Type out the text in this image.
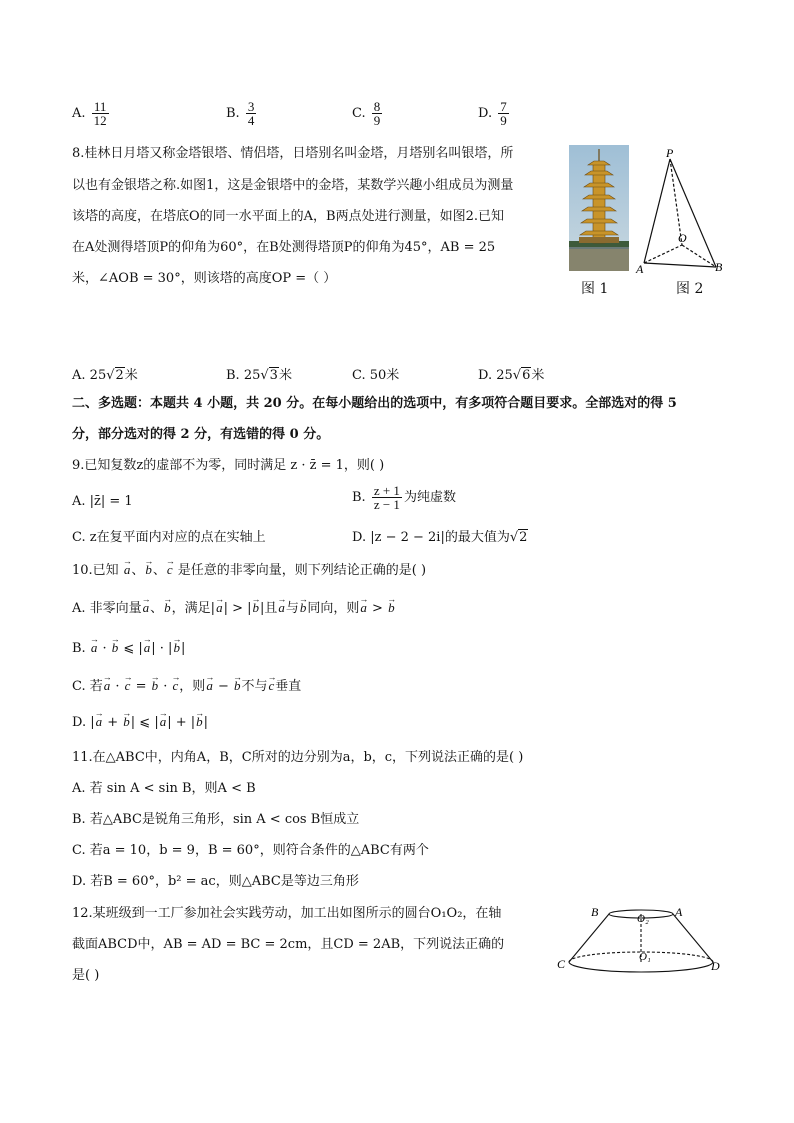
A. $\frac{11}{12}$	B. $\frac{3}{4}$	C. $\frac{8}{9}$	D. $\frac{7}{9}$
8.桂林日月塔又称金塔银塔、情侣塔，日塔别名叫金塔，月塔别名叫银塔，所
以也有金银塔之称.如图1，这是金银塔中的金塔，某数学兴趣小组成员为测量
该塔的高度，在塔底O的同一水平面上的A，B两点处进行测量，如图2.已知
在A处测得塔顶P的仰角为60°，在B处测得塔顶P的仰角为45°，AB = 25
米，∠AOB = 30°，则该塔的高度OP =（ ）
图 1
P
O
A	B
图 2
A. 25√2米	B. 25√3米	C. 50米	D. 25√6米
二、多选题：本题共 4 小题，共 20 分。在每小题给出的选项中，有多项符合题目要求。全部选对的得 5
分，部分选对的得 2 分，有选错的得 0 分。
9.已知复数z的虚部不为零，同时满足 z · z̄ = 1，则( )
A. |z̄| = 1	B. $\frac{z + 1}{z - 1}$ 为纯虚数
C. z在复平面内对应的点在实轴上	D. |z − 2 − 2i|的最大值为√2
10.已知 → a、→ b、→ c 是任意的非零向量，则下列结论正确的是( )
A. 非零向量→ a、→ b，满足|→ a| > |→ b|且→ a与→ b同向，则→ a > → b
B. → a · → b ⩽ |→ a| · |→ b|
C. 若→ a · → c = → b · → c，则→ a − → b不与→ c垂直
D. |→ a + → b| ⩽ |→ a| + |→ b|
11.在△ABC中，内角A，B，C所对的边分别为a，b，c，下列说法正确的是( )
A. 若 sin A < sin B，则A < B
B. 若△ABC是锐角三角形，sin A < cos B恒成立
C. 若a = 10，b = 9，B = 60°，则符合条件的△ABC有两个
D. 若B = 60°，b² = ac，则△ABC是等边三角形
12.某班级到一工厂参加社会实践劳动，加工出如图所示的圆台O₁O₂，在轴
截面ABCD中，AB = AD = BC = 2cm，且CD = 2AB，下列说法正确的
是( )
B	A
O₂
O₁
C	D
